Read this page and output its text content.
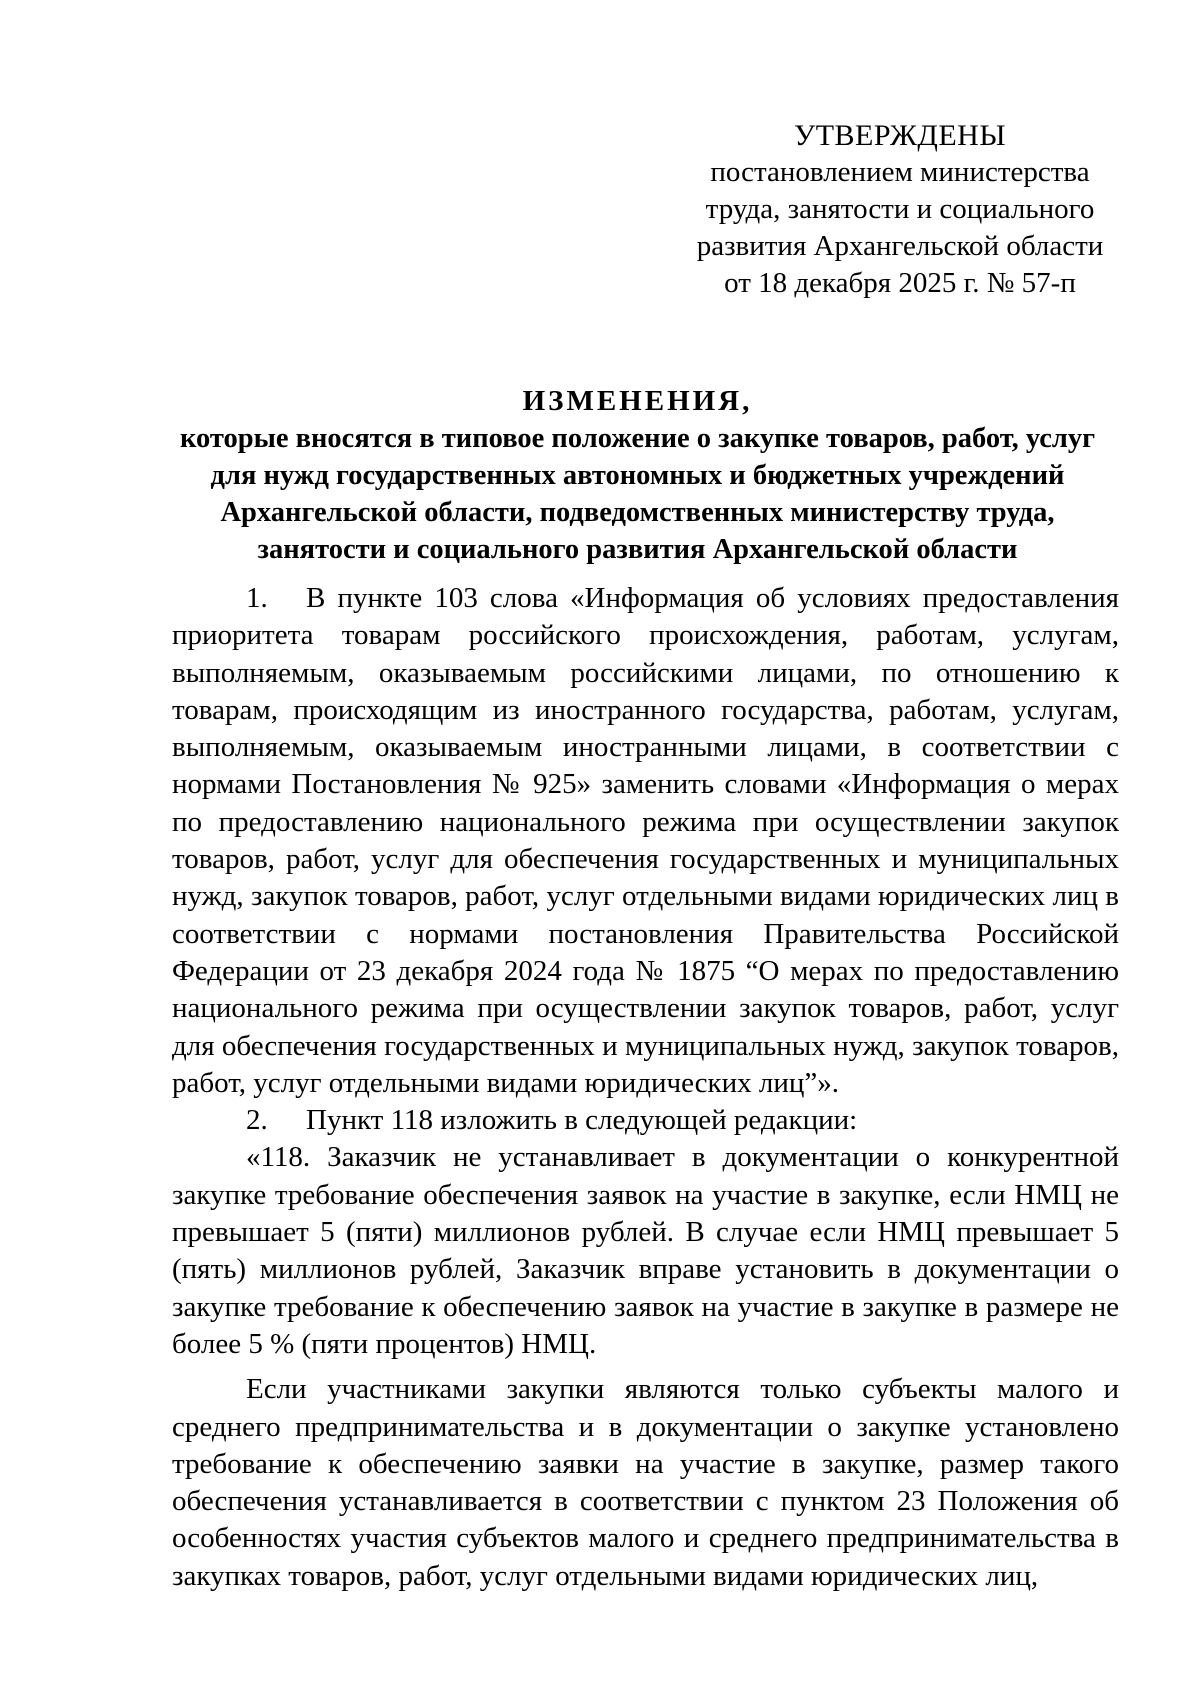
УТВЕРЖДЕНЫ
постановлением министерства
труда, занятости и социального
развития Архангельской области
от 18 декабря 2025 г. № 57-п
ИЗМЕНЕНИЯ,
которые вносятся в типовое положение о закупке товаров, работ, услуг для нужд государственных автономных и бюджетных учреждений Архангельской области, подведомственных министерству труда, занятости и социального развития Архангельской области

1. В пункте 103 слова «Информация об условиях предоставления приоритета товарам российского происхождения, работам, услугам, выполняемым, оказываемым российскими лицами, по отношению к товарам, происходящим из иностранного государства, работам, услугам, выполняемым, оказываемым иностранными лицами, в соответствии с нормами Постановления № 925» заменить словами «Информация о мерах по предоставлению национального режима при осуществлении закупок товаров, работ, услуг для обеспечения государственных и муниципальных нужд, закупок товаров, работ, услуг отдельными видами юридических лиц в соответствии с нормами постановления Правительства Российской Федерации от 23 декабря 2024 года № 1875 “О мерах по предоставлению национального режима при осуществлении закупок товаров, работ, услуг для обеспечения государственных и муниципальных нужд, закупок товаров, работ, услуг отдельными видами юридических лиц”».

2. Пункт 118 изложить в следующей редакции:

«118. Заказчик не устанавливает в документации о конкурентной закупке требование обеспечения заявок на участие в закупке, если НМЦ не превышает 5 (пяти) миллионов рублей. В случае если НМЦ превышает 5 (пять) миллионов рублей, Заказчик вправе установить в документации о закупке требование к обеспечению заявок на участие в закупке в размере не более 5 % (пяти процентов) НМЦ.

Если участниками закупки являются только субъекты малого и среднего предпринимательства и в документации о закупке установлено требование к обеспечению заявки на участие в закупке, размер такого обеспечения устанавливается в соответствии с пунктом 23 Положения об особенностях участия субъектов малого и среднего предпринимательства в закупках товаров, работ, услуг отдельными видами юридических лиц,
